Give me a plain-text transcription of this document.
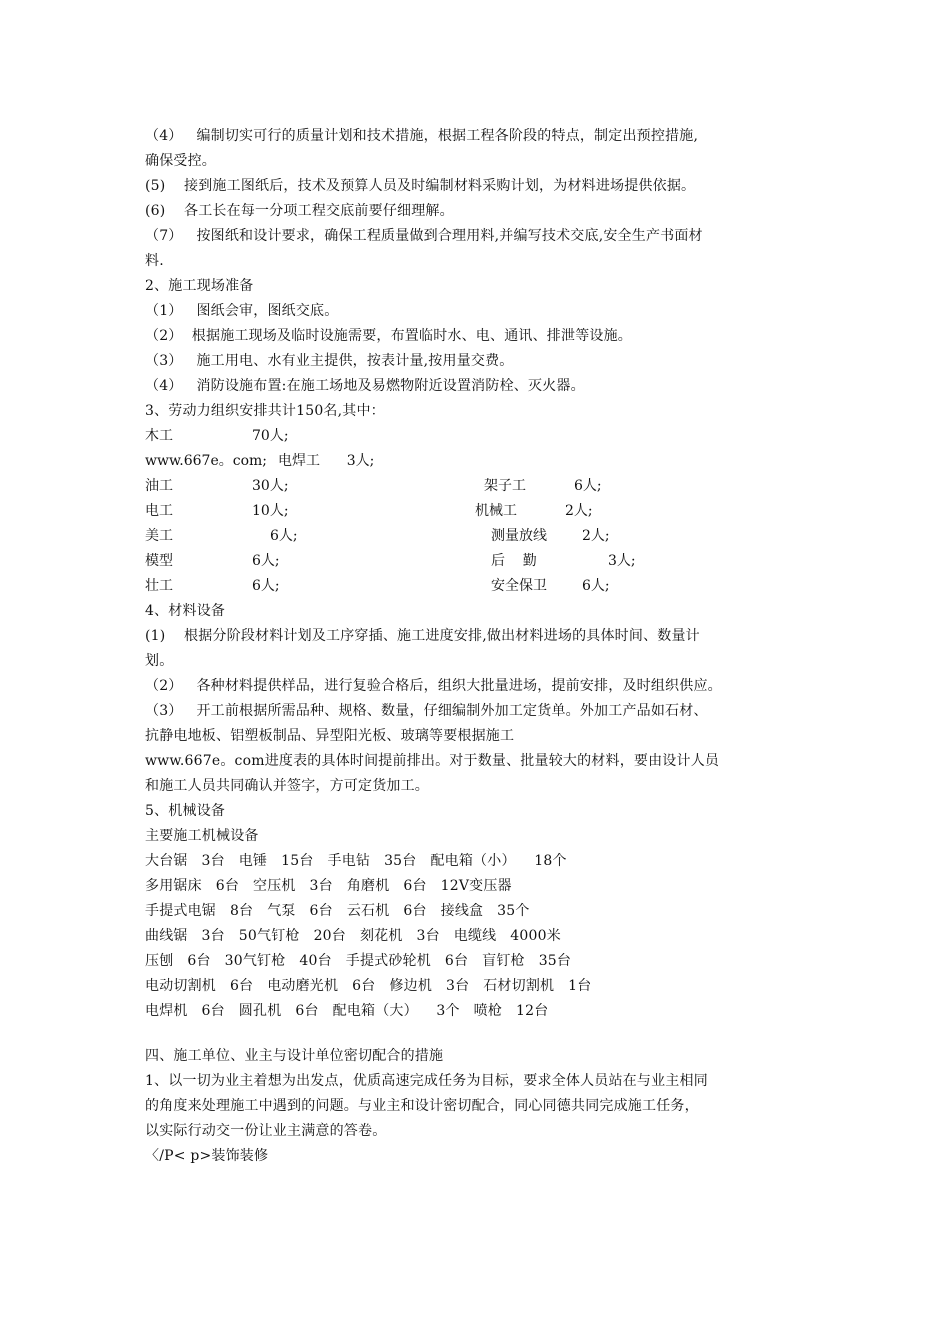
（4）   编制切实可行的质量计划和技术措施，根据工程各阶段的特点，制定出预控措施,
确保受控。
(5)    接到施工图纸后，技术及预算人员及时编制材料采购计划，为材料进场提供依据。
(6)    各工长在每一分项工程交底前要仔细理解。
（7）   按图纸和设计要求，确保工程质量做到合理用料,并编写技术交底,安全生产书面材
料.
2、施工现场准备
（1）   图纸会审，图纸交底。
（2）  根据施工现场及临时设施需要，布置临时水、电、通讯、排泄等设施。
（3）   施工用电、水有业主提供，按表计量,按用量交费。
（4）   消防设施布置:在施工场地及易燃物附近设置消防栓、灭火器。
3、劳动力组织安排共计150名,其中：
木工	70人;
www.667e。com; 电焊工      3人;
油工	30人;	架子工	6人;
电工	10人;	机械工	2人;
美工	6人;	测量放线	2人;
模型	6人;	后    勤	3人;
壮工	6人;	安全保卫	6人;
4、材料设备
(1)    根据分阶段材料计划及工序穿插、施工进度安排,做出材料进场的具体时间、数量计
划。
（2）   各种材料提供样品，进行复验合格后，组织大批量进场，提前安排，及时组织供应。
（3）   开工前根据所需品种、规格、数量，仔细编制外加工定货单。外加工产品如石材、
抗静电地板、铝塑板制品、异型阳光板、玻璃等要根据施工
www.667e。com进度表的具体时间提前排出。对于数量、批量较大的材料，要由设计人员
和施工人员共同确认并签字，方可定货加工。
5、机械设备
主要施工机械设备
大台锯   3台   电锤   15台   手电钻   35台   配电箱（小）    18个
多用锯床   6台   空压机   3台   角磨机   6台   12V变压器
手提式电锯   8台   气泵   6台   云石机   6台   接线盒   35个
曲线锯   3台   50气钉枪   20台   刻花机   3台   电缆线   4000米
压刨   6台   30气钉枪   40台   手提式砂轮机   6台   盲钉枪   35台
电动切割机   6台   电动磨光机   6台   修边机   3台   石材切割机   1台
电焊机   6台   圆孔机   6台   配电箱（大）    3个   喷枪   12台
四、施工单位、业主与设计单位密切配合的措施
1、以一切为业主着想为出发点，优质高速完成任务为目标，要求全体人员站在与业主相同
的角度来处理施工中遇到的问题。与业主和设计密切配合，同心同德共同完成施工任务，
以实际行动交一份让业主满意的答卷。
〈/P< p>装饰装修
